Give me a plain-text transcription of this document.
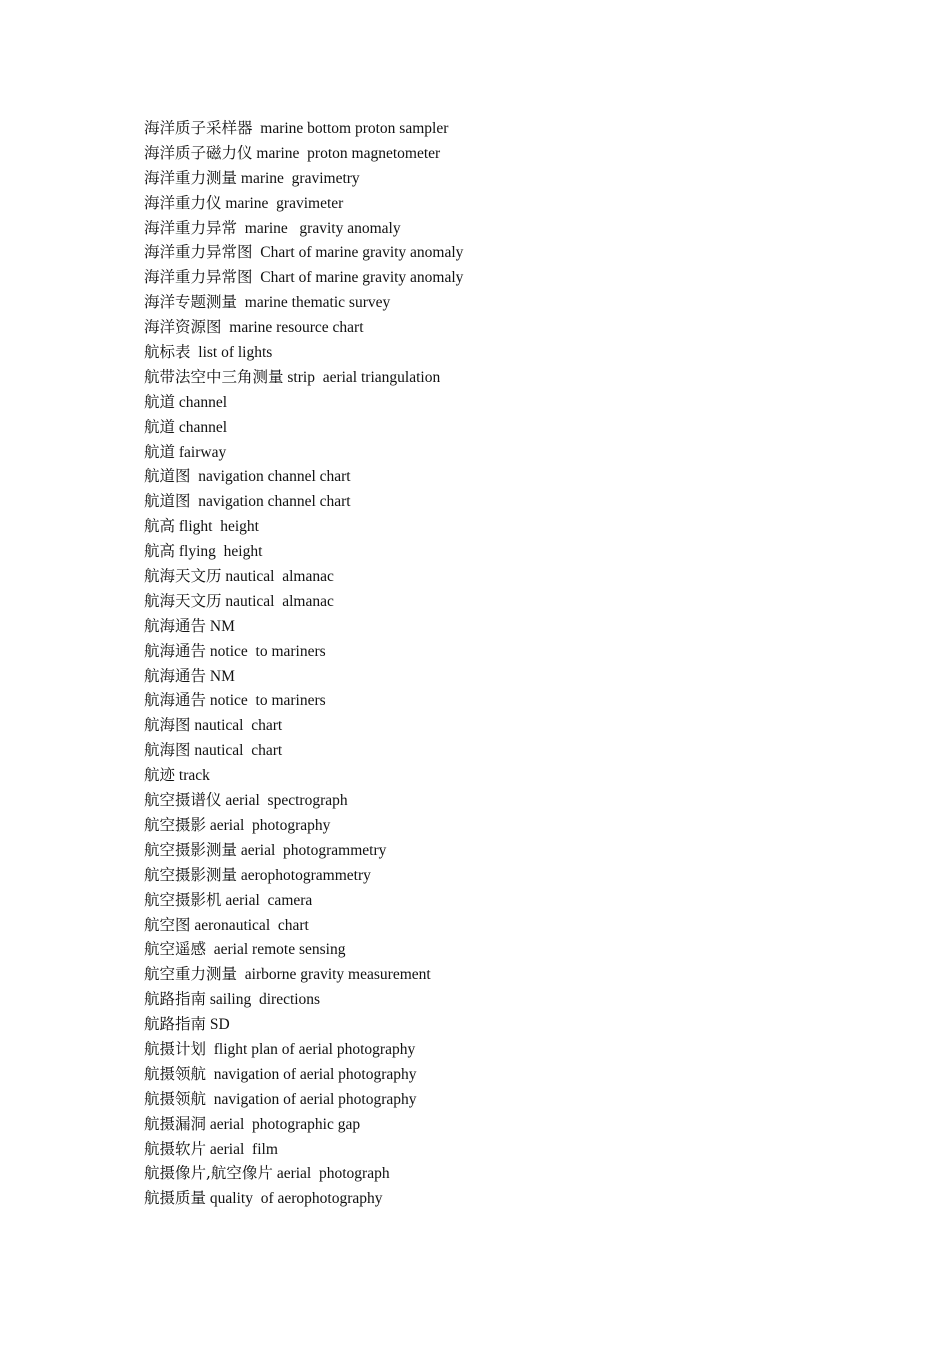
海洋质子采样器  marine bottom proton sampler
海洋质子磁力仪 marine  proton magnetometer
海洋重力测量 marine  gravimetry
海洋重力仪 marine  gravimeter
海洋重力异常  marine   gravity anomaly
海洋重力异常图  Chart of marine gravity anomaly
海洋重力异常图  Chart of marine gravity anomaly
海洋专题测量  marine thematic survey
海洋资源图  marine resource chart
航标表  list of lights
航带法空中三角测量 strip  aerial triangulation
航道 channel
航道 channel
航道 fairway
航道图  navigation channel chart
航道图  navigation channel chart
航高 flight  height
航高 flying  height
航海天文历 nautical  almanac
航海天文历 nautical  almanac
航海通告 NM
航海通告 notice  to mariners
航海通告 NM
航海通告 notice  to mariners
航海图 nautical  chart
航海图 nautical  chart
航迹 track
航空摄谱仪 aerial  spectrograph
航空摄影 aerial  photography
航空摄影测量 aerial  photogrammetry
航空摄影测量 aerophotogrammetry
航空摄影机 aerial  camera
航空图 aeronautical  chart
航空遥感  aerial remote sensing
航空重力测量  airborne gravity measurement
航路指南 sailing  directions
航路指南 SD
航摄计划  flight plan of aerial photography
航摄领航  navigation of aerial photography
航摄领航  navigation of aerial photography
航摄漏洞 aerial  photographic gap
航摄软片 aerial  film
航摄像片,航空像片 aerial  photograph
航摄质量 quality  of aerophotography
